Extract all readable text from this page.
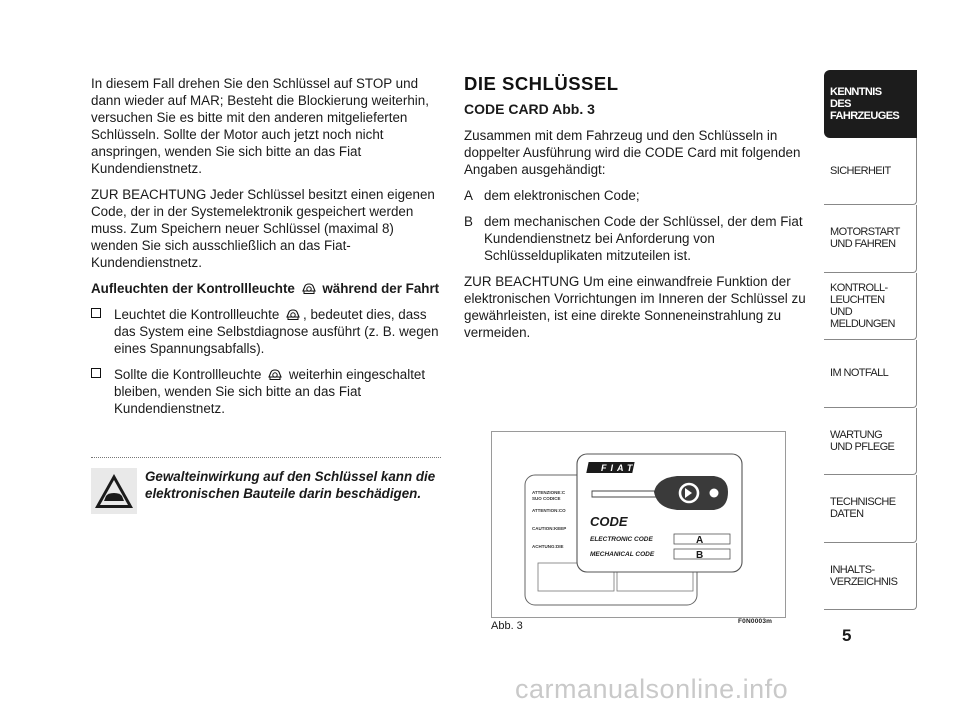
In diesem Fall drehen Sie den Schlüssel auf STOP und dann wieder auf MAR; Besteht die Blockierung weiterhin, versuchen Sie es bitte mit den anderen mitgelieferten Schlüsseln. Sollte der Motor auch jetzt noch nicht anspringen, wenden Sie sich bitte an das Fiat Kundendienstnetz.

ZUR BEACHTUNG Jeder Schlüssel besitzt einen eigenen Code, der in der Systemelektronik gespeichert werden muss. Zum Speichern neuer Schlüssel (maximal 8) wenden Sie sich ausschließlich an das Fiat-Kundendienstnetz.

Aufleuchten der Kontrollleuchte während der Fahrt

Leuchtet die Kontrollleuchte , bedeutet dies, dass das System eine Selbstdiagnose ausführt (z. B. wegen eines Spannungsabfalls).

Sollte die Kontrollleuchte weiterhin eingeschaltet bleiben, wenden Sie sich bitte an das Fiat Kundendienstnetz.

Gewalteinwirkung auf den Schlüssel kann die elektronischen Bauteile darin beschädigen.

DIE SCHLÜSSEL

CODE CARD Abb. 3

Zusammen mit dem Fahrzeug und den Schlüsseln in doppelter Ausführung wird die CODE Card mit folgenden Angaben ausgehändigt:

A dem elektronischen Code;

B dem mechanischen Code der Schlüssel, der dem Fiat Kundendienstnetz bei Anforderung von Schlüsselduplikaten mitzuteilen ist.

ZUR BEACHTUNG Um eine einwandfreie Funktion der elektronischen Vorrichtungen im Inneren der Schlüssel zu gewährleisten, ist eine direkte Sonneneinstrahlung zu vermeiden.

ATTENZIONE:C
SUO CODICE
ATTENTION:CO
CAUTION:KEEP
ACHTUNG:DIE
FIAT
CODE
ELECTRONIC CODE	A
MECHANICAL CODE	B
F0N0003m
Abb. 3
KENNTNIS
DES FAHRZEUGES
SICHERHEIT
MOTORSTART
UND FAHREN
KONTROLL-
LEUCHTEN
UND MELDUNGEN
IM NOTFALL
WARTUNG
UND PFLEGE
TECHNISCHE
DATEN
INHALTS-
VERZEICHNIS
5
carmanualsonline.info
